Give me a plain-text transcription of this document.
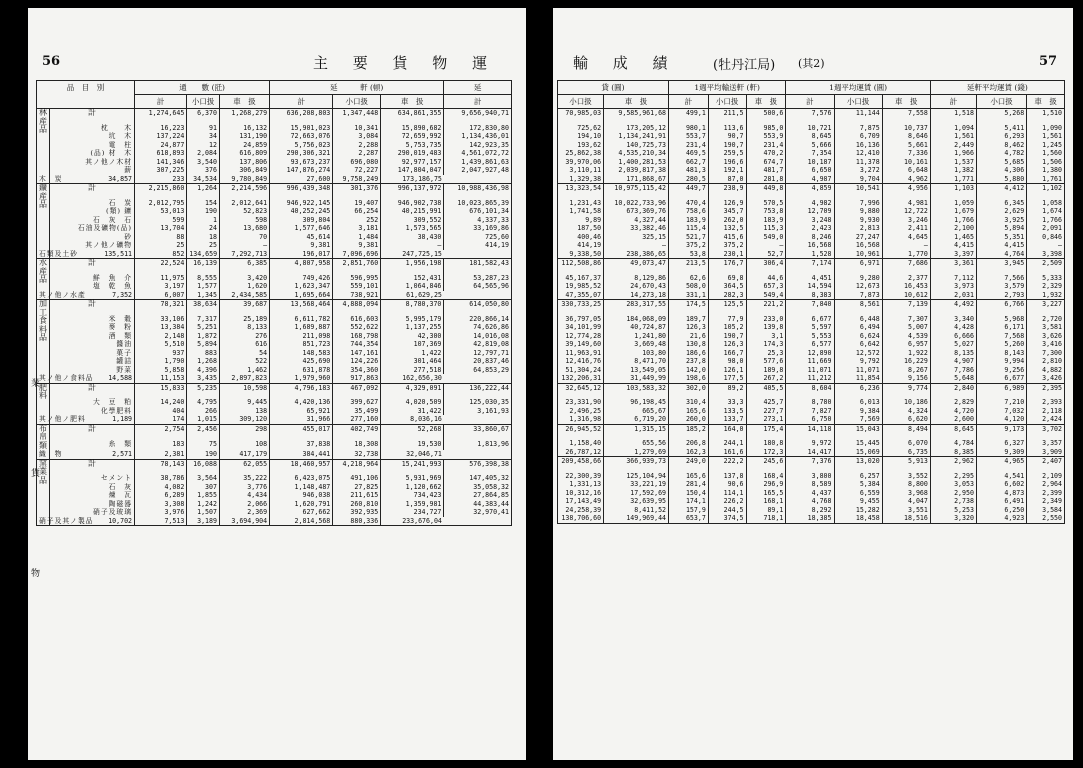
56	主 要 貨 物 運
品　目　別		通　　數 (瓩)			延　　　軒 (頓)			延
		計	小口扱	車　扱	計	小口扱	車　扱	計
林産品	計	1,274,645	6,370	1,268,279	636,208,803	1,347,448	634,861,355	9,656,940,71

	枕　　木	16,223	91	16,132	15,901,023	10,341	15,890,682	172,830,80
	坑　木	137,224	34	131,190	72,663,076	3,084	72,659,992	1,134,436,01
	電　柱	24,877	12	24,859	5,756,023	2,288	5,753,735	142,923,35
	(品) 材　木	618,893	2,084	616,809	290,306,321	2,287	290,019,483	4,561,072,72
	其ノ他ノ木材	141,346	3,540	137,806	93,673,237	696,080	92,977,157	1,439,861,63
	薪	307,225	376	306,849	147,876,274	72,227	147,804,047	2,047,927,48
木　炭	34,857	233	34,534	9,780,849	27,600	9,758,249	173,186,75	
鑛産品	計	2,215,860	1,264	2,214,596	996,439,348	301,376	996,137,972	10,988,436,98

	石　炭	2,012,795	154	2,012,641	946,922,145	19,407	946,902,738	10,023,865,39
	(類) 鑛	53,013	190	52,823	40,252,245	66,254	40,215,991	676,101,34
	石　灰　石	599	1	598	309,804	252	309,552	4,337,33
	石油及礦物(品)	13,704	24	13,680	1,577,646	3,181	1,573,565	33,169,86
	砂	88	18	70	45,614	1,484	38,430	725,60
	其ノ他ノ礦物	25	25	—	9,381	9,381	—	414,19
石類及土砂	135,511	852	134,659	7,292,713	196,017	7,096,696	247,725,15	
水産品	計	22,524	16,139	6,385	4,807,958	2,851,760	1,956,198	181,582,43

	鮮　魚　介	11,975	8,555	3,420	749,426	596,995	152,431	53,287,23
	塩　乾　魚	3,197	1,577	1,620	1,623,347	559,101	1,064,846	64,565,96
其ノ他ノ水產	7,352	6,007	1,345	2,434,585	1,695,664	738,921	61,629,25	
加工食料品	計	78,321	38,634	39,687	13,568,464	4,888,094	8,780,370	614,050,80

	米　穀	33,106	7,317	25,189	6,611,782	616,603	5,995,179	220,866,14
	麥　粉	13,384	5,251	8,133	1,689,887	552,622	1,137,255	74,626,86
	酒　類	2,148	1,872	276	211,098	168,798	42,300	14,016,08
	醬油	5,510	5,894	616	851,723	744,354	107,369	42,819,08
	菓子	937	883	54	148,583	147,161	1,422	12,797,71
	罐詰	1,790	1,268	522	425,690	124,226	301,464	20,837,46
	野菜	5,858	4,396	1,462	631,878	354,360	277,518	64,853,29
其ノ他ノ食料品	14,588	11,153	3,435	2,897,823	1,979,960	917,863	162,656,30	
肥料	計	15,833	5,235	10,598	4,796,183	467,092	4,329,091	136,222,44

	大　豆　粕	14,240	4,795	9,445	4,420,136	399,627	4,020,509	125,030,35
	化學肥料	404	266	138	65,921	35,499	31,422	3,161,93
其ノ他ノ肥料	1,189	174	1,015	309,120	31,966	277,160	8,036,16	
布帛類	計	2,754	2,456	298	455,017	402,749	52,268	33,860,67

	糸　類	183	75	108	37,838	18,308	19,530	1,813,96
織　物	2,571	2,381	190	417,179	384,441	32,738	32,046,71	
窯業品	計	78,143	16,088	62,055	18,460,957	4,218,964	15,241,993	576,398,38

	セメント	38,786	3,564	35,222	6,423,075	491,106	5,931,969	147,405,32
	石　灰	4,082	307	3,776	1,148,487	27,825	1,120,662	35,058,32
	煉　瓦	6,289	1,855	4,434	946,038	211,615	734,423	27,864,85
	陶磁器	3,308	1,242	2,066	1,620,791	260,810	1,359,981	44,383,44
	硝子及玻璃	3,976	1,507	2,369	627,662	392,935	234,727	32,970,41
硝子及其ノ製品	10,702	7,513	3,189	3,694,904	2,814,568	880,336	233,676,04	
業
貨
物
輸 成 績	(牡丹江局) (其2)	57
貸 (圓)		1週平均輸送軒 (軒)			1週平均運賃 (圓)			延軒平均運賃 (錢)		
小口扱	車　扱	計	小口扱	車　扱	計	小口扱	車　扱	計	小口扱	車　扱
70,985,03	9,585,961,68	499,1	211,5	500,6	7,576	11,144	7,558	1,518	5,268	1,510

725,62	173,205,12	980,1	113,6	985,0	10,721	7,875	10,737	1,094	5,411	1,090
194,10	1,134,241,91	553,7	90,7	553,9	8,645	6,709	8,646	1,561	6,293	1,561
193,62	140,725,73	231,4	190,7	231,4	5,666	16,136	5,661	2,449	8,462	1,245
25,862,38	4,535,210,34	469,5	259,5	470,2	7,354	12,410	7,336	1,966	4,782	1,560
39,970,06	1,400,281,53	662,7	196,6	674,7	10,187	11,378	10,161	1,537	5,685	1,506
3,110,11	2,039,817,38	481,3	192,1	481,7	6,650	3,272	6,648	1,382	4,306	1,380
1,329,38	171,868,67	280,5	87,0	281,8	4,987	9,704	4,962	1,771	5,880	1,761
13,323,54	10,975,115,42	449,7	238,9	449,8	4,859	10,541	4,956	1,103	4,412	1,102

1,231,43	10,022,733,96	470,4	126,9	570,5	4,982	7,996	4,981	1,059	6,345	1,058
1,741,58	673,369,76	758,6	345,7	753,8	12,709	9,880	12,722	1,679	2,629	1,674
9,89	4,327,44	183,9	262,0	183,9	3,248	9,930	3,246	1,766	3,925	1,766
187,50	33,382,46	115,4	132,5	115,3	2,423	2,813	2,411	2,100	5,894	2,091
400,46	325,15	521,7	415,6	549,0	8,246	27,247	4,645	1,465	5,351	0,846
414,19	—	375,2	375,2	—	16,568	16,568	—	4,415	4,415	—
9,338,50	238,386,65	53,8	230,1	52,7	1,528	10,961	1,770	3,397	4,764	3,398
112,508,86	49,073,47	213,5	176,7	306,4	7,174	6,971	7,686	3,361	3,945	2,509

45,167,37	8,129,86	62,6	69,8	44,6	4,451	9,280	2,377	7,112	7,566	5,333
19,985,52	24,670,43	508,0	364,5	657,3	14,594	12,673	16,453	3,973	3,579	2,329
47,355,07	14,273,18	331,1	282,3	549,4	8,383	7,873	10,612	2,031	2,793	1,932
330,733,25	283,317,55	174,5	125,5	221,2	7,840	8,561	7,139	4,492	6,766	3,227

36,797,05	184,068,09	189,7	77,9	233,0	6,677	6,448	7,307	3,340	5,968	2,720
34,101,99	40,724,87	126,3	105,2	139,8	5,597	6,494	5,007	4,428	6,171	3,581
12,774,28	1,241,80	21,6	190,7	3,1	5,553	6,624	4,539	6,666	7,568	3,626
39,149,60	3,669,48	130,8	126,3	174,3	6,577	6,642	6,957	5,027	5,260	3,416
11,963,91	103,80	186,6	166,7	25,3	12,890	12,572	1,922	8,135	8,143	7,300
12,416,76	8,471,70	237,8	98,0	577,6	11,669	9,792	16,229	4,907	9,994	2,810
51,304,24	13,549,05	142,0	126,1	189,8	11,071	11,071	8,267	7,786	9,256	4,882
132,206,31	31,449,99	198,6	177,5	267,2	11,212	11,854	9,156	5,648	6,677	3,426
32,645,12	103,583,32	302,0	89,2	405,5	8,604	6,236	9,774	2,840	6,989	2,395

23,331,90	96,198,45	310,4	33,3	425,7	8,780	6,013	10,186	2,829	7,210	2,393
2,496,25	665,67	165,6	133,5	227,7	7,827	9,384	4,324	4,720	7,032	2,118
1,316,98	6,719,20	260,0	133,7	273,1	6,750	7,569	6,620	2,600	4,120	2,424
26,945,52	1,315,15	185,2	164,0	175,4	14,118	15,043	8,494	8,645	9,173	3,702

1,158,40	655,56	206,8	244,1	180,8	9,972	15,445	6,070	4,784	6,327	3,357
26,787,12	1,279,69	162,3	161,6	172,3	14,417	15,069	6,735	8,385	9,309	3,909
209,458,66	366,939,73	249,0	222,2	245,6	7,376	13,020	5,913	2,962	4,965	2,407

22,300,39	125,104,94	165,6	137,8	168,4	3,800	6,257	3,552	2,295	4,541	2,109
1,331,13	33,221,19	281,4	90,6	296,9	8,589	5,384	8,800	3,053	6,602	2,964
10,312,16	17,592,69	150,4	114,1	165,5	4,437	6,559	3,968	2,950	4,873	2,399
17,143,49	32,639,95	174,1	226,2	168,1	4,768	9,455	4,047	2,738	6,491	2,349
24,258,39	8,411,52	157,9	244,5	89,1	8,292	15,282	3,551	5,253	6,250	3,584
138,706,60	149,969,44	653,7	374,5	718,1	18,385	18,458	18,516	3,320	4,923	2,550
